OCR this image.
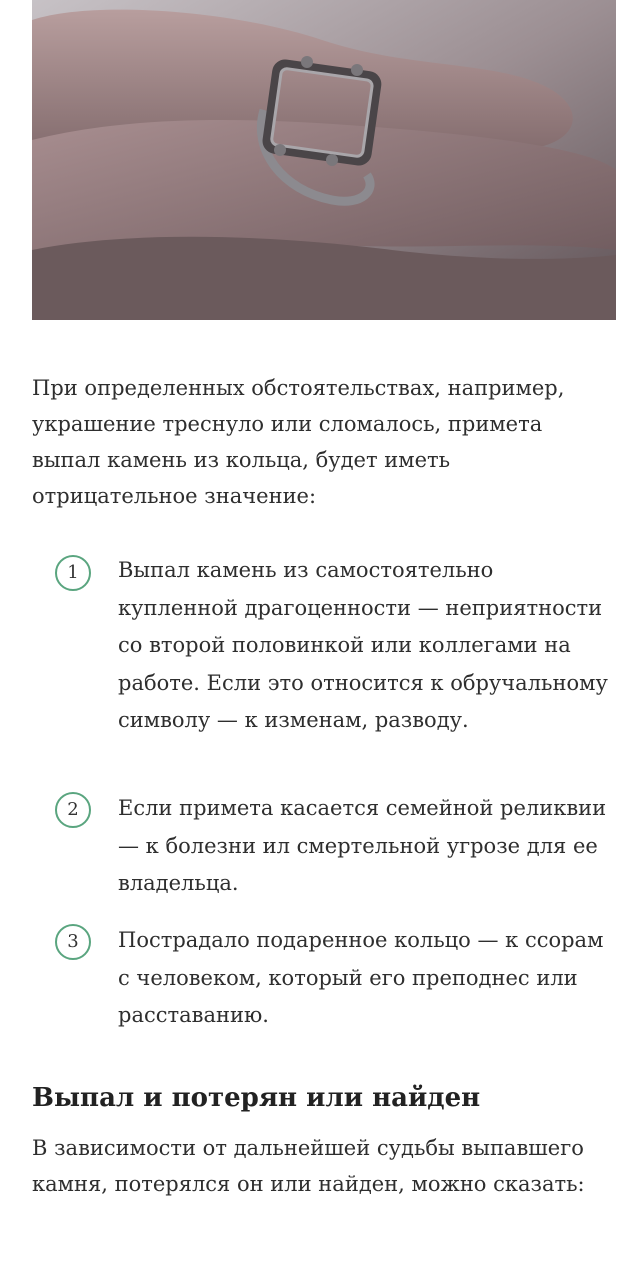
При определенных обстоятельствах, например, украшение треснуло или сломалось, примета выпал камень из кольца, будет иметь отрицательное значение:

1	Выпал камень из самостоятельно купленной драгоценности — неприятности со второй половинкой или коллегами на работе. Если это относится к обручальному символу — к изменам, разводу.

2	Если примета касается семейной реликвии — к болезни ил смертельной угрозе для ее владельца.

3	Пострадало подаренное кольцо — к ссорам с человеком, который его преподнес или расставанию.

Выпал и потерян или найден

В зависимости от дальнейшей судьбы выпавшего камня, потерялся он или найден, можно сказать:
